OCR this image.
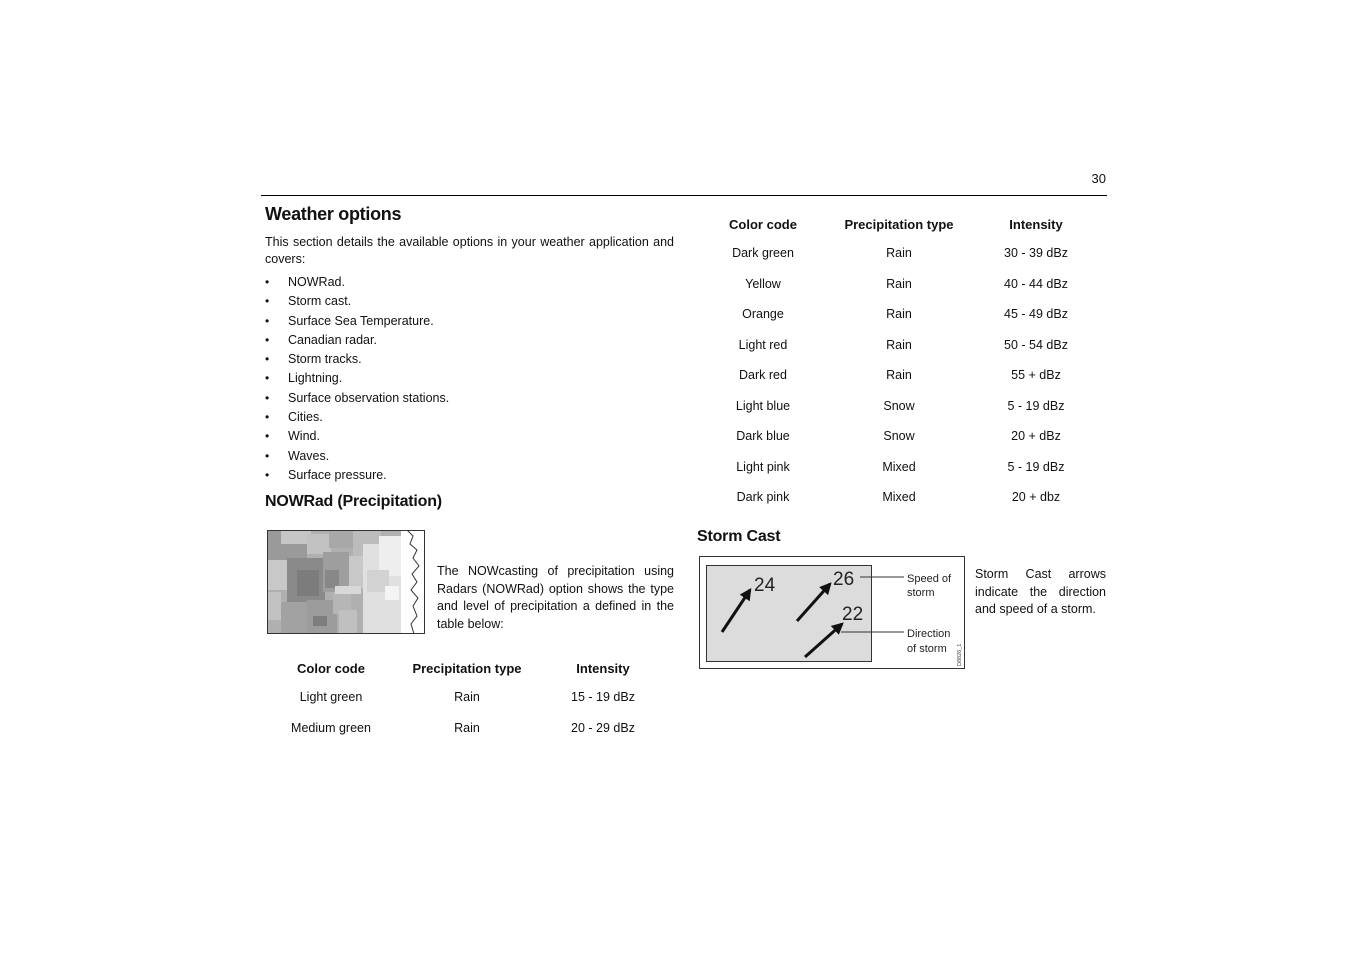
30
Weather options
This section details the available options in your weather application and covers:
• NOWRad.
• Storm cast.
• Surface Sea Temperature.
• Canadian radar.
• Storm tracks.
• Lightning.
• Surface observation stations.
• Cities.
• Wind.
• Waves.
• Surface pressure.
NOWRad (Precipitation)
The NOWcasting of precipitation using Radars (NOWRad) option shows the type and level of precipitation a defined in the table below:
Color code	Precipitation type	Intensity
Light green	Rain	15 - 19 dBz
Medium green	Rain	20 - 29 dBz
Color code	Precipitation type	Intensity
Dark green	Rain	30 - 39 dBz
Yellow	Rain	40 - 44 dBz
Orange	Rain	45 - 49 dBz
Light red	Rain	50 - 54 dBz
Dark red	Rain	55 + dBz
Light blue	Snow	5 - 19 dBz
Dark blue	Snow	20 + dBz
Light pink	Mixed	5 - 19 dBz
Dark pink	Mixed	20 + dbz
Storm Cast
24	26
22
Speed of
storm
Direction
of storm D8826_1
Storm Cast arrows indicate the direction and speed of a storm.
